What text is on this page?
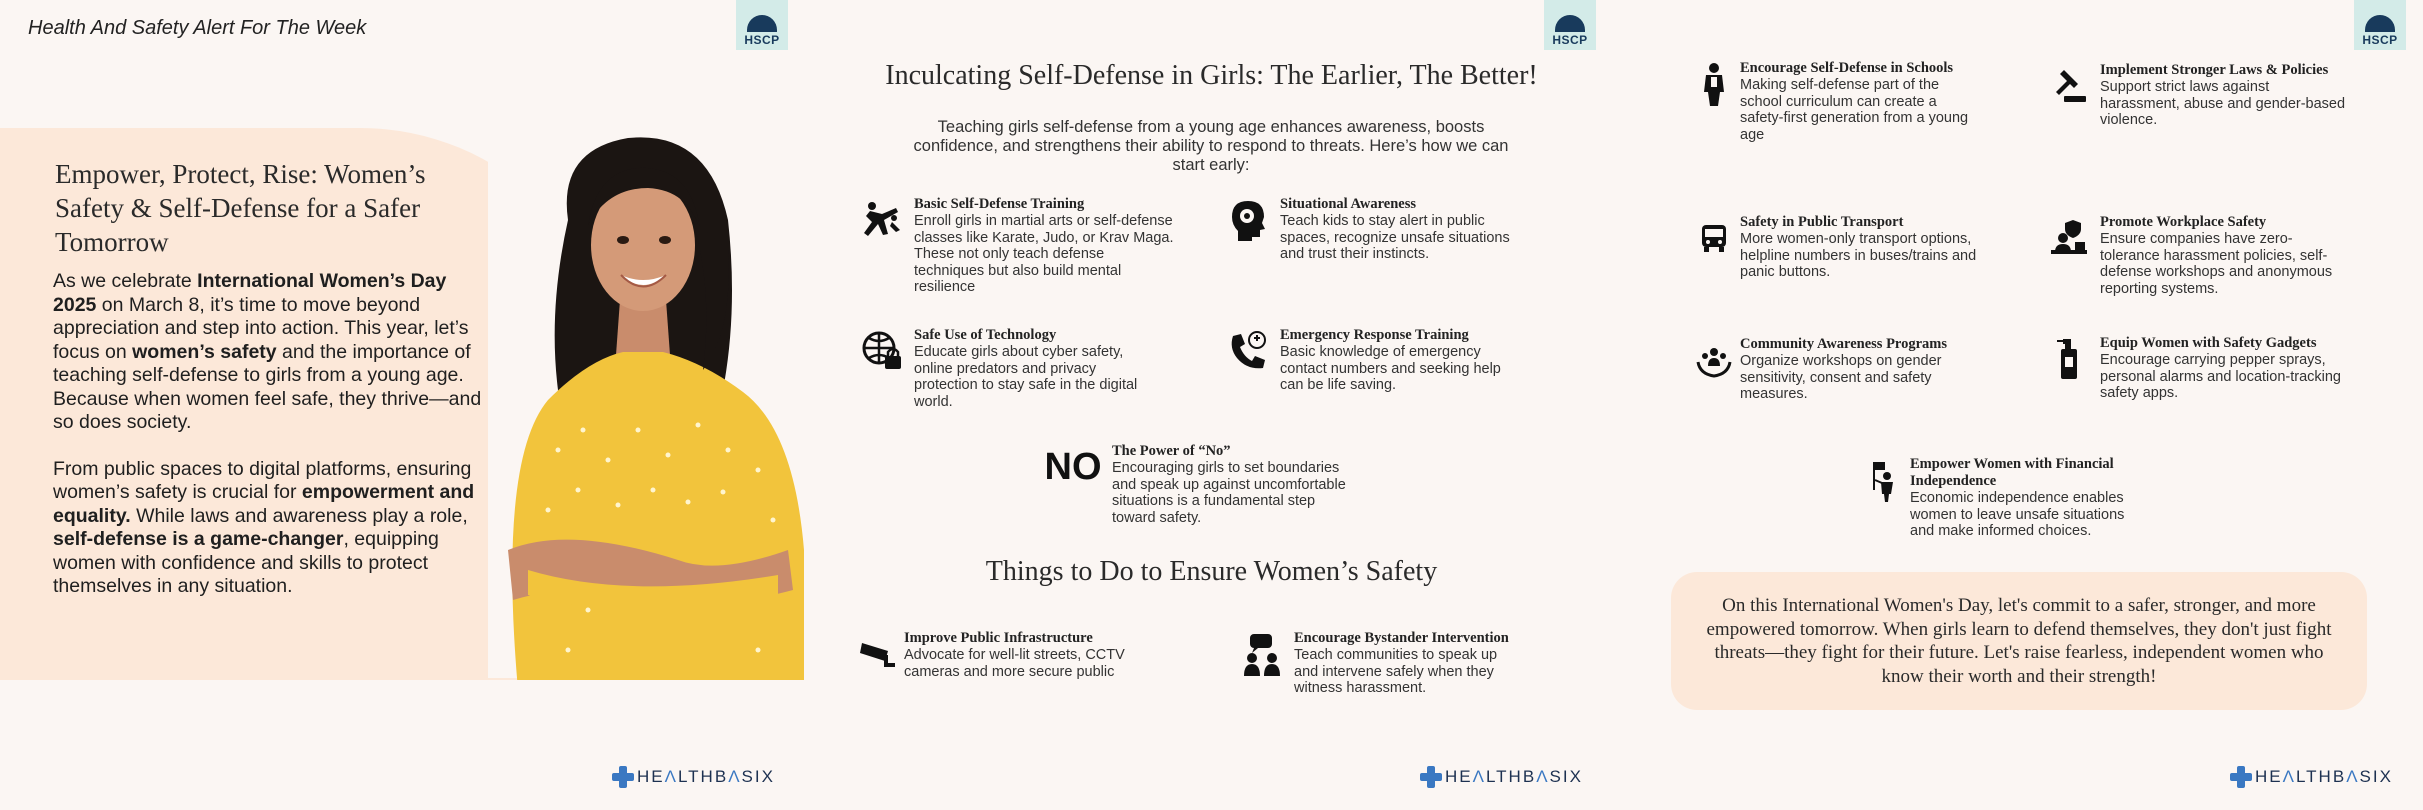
Health And Safety Alert For The Week
HSCP
Empower, Protect, Rise: Women’s Safety & Self-Defense for a Safer Tomorrow

As we celebrate International Women’s Day 2025 on March 8, it’s time to move beyond appreciation and step into action. This year, let’s focus on women’s safety and the importance of teaching self-defense to girls from a young age. Because when women feel safe, they thrive—and so does society.

From public spaces to digital platforms, ensuring women’s safety is crucial for empowerment and equality. While laws and awareness play a role, self-defense is a game-changer, equipping women with confidence and skills to protect themselves in any situation.

H E Λ LTHB Λ SIX
HSCP
Inculcating Self-Defense in Girls: The Earlier, The Better!
Teaching girls self-defense from a young age enhances awareness, boosts confidence, and strengthens their ability to respond to threats. Here’s how we can start early:
Basic Self-Defense Training
Enroll girls in martial arts or self-defense classes like Karate, Judo, or Krav Maga. These not only teach defense techniques but also build mental resilience
Situational Awareness
Teach kids to stay alert in public spaces, recognize unsafe situations and trust their instincts.
Safe Use of Technology
Educate girls about cyber safety, online predators and privacy protection to stay safe in the digital world.
Emergency Response Training
Basic knowledge of emergency contact numbers and seeking help can be life saving.
NO The Power of “No”
Encouraging girls to set boundaries and speak up against uncomfortable situations is a fundamental step toward safety.
Things to Do to Ensure Women’s Safety
Improve Public Infrastructure
Advocate for well-lit streets, CCTV cameras and more secure public
Encourage Bystander Intervention
Teach communities to speak up and intervene safely when they witness harassment.
H E Λ LTHB Λ SIX
HSCP
Encourage Self-Defense in Schools
Making self-defense part of the school curriculum can create a safety-first generation from a young age
Implement Stronger Laws & Policies
Support strict laws against harassment, abuse and gender-based violence.
Safety in Public Transport
More women-only transport options, helpline numbers in buses/trains and panic buttons.
Promote Workplace Safety
Ensure companies have zero-tolerance harassment policies, self-defense workshops and anonymous reporting systems.
Community Awareness Programs
Organize workshops on gender sensitivity, consent and safety measures.
Equip Women with Safety Gadgets
Encourage carrying pepper sprays, personal alarms and location-tracking safety apps.
Empower Women with Financial Independence
Economic independence enables women to leave unsafe situations and make informed choices.
On this International Women's Day, let's commit to a safer, stronger, and more empowered tomorrow. When girls learn to defend themselves, they don't just fight threats—they fight for their future. Let's raise fearless, independent women who know their worth and their strength!
H E Λ LTHB Λ SIX
